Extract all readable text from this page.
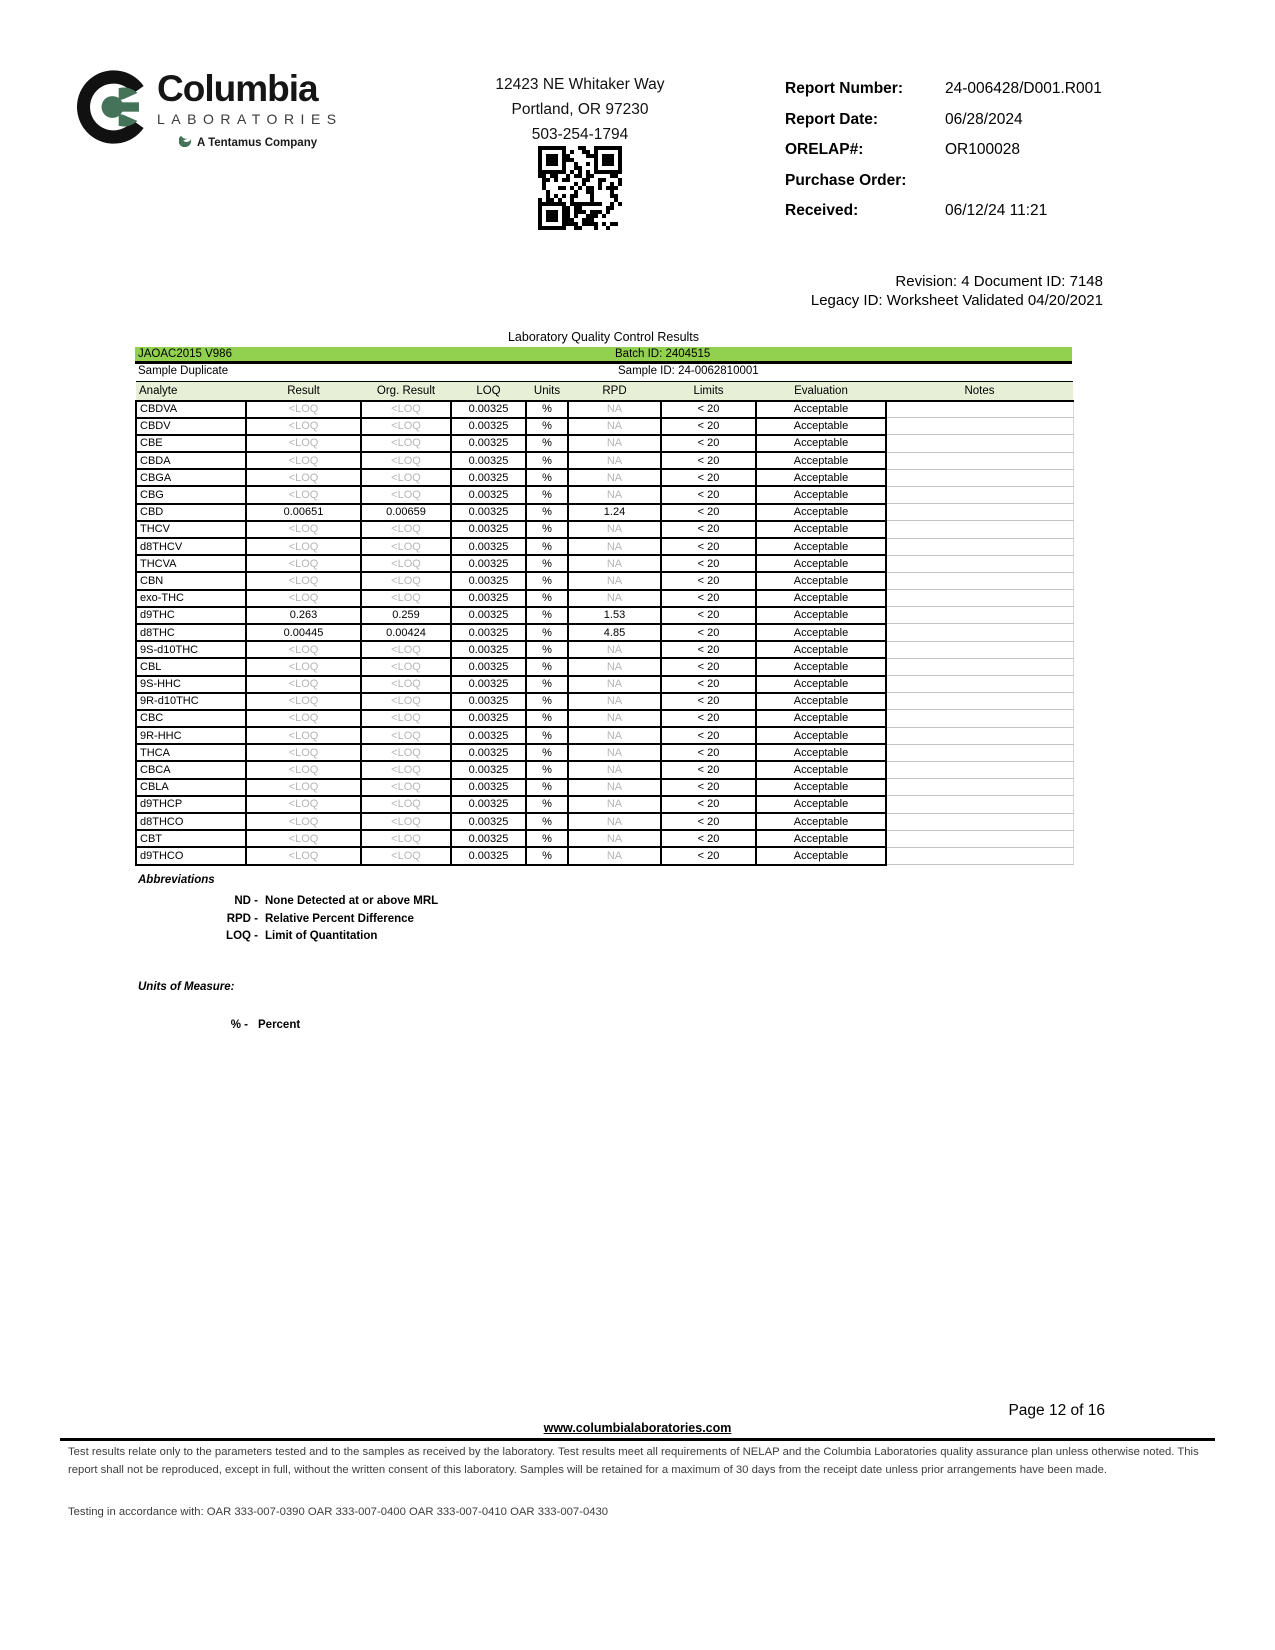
Columbia
LABORATORIES
A Tentamus Company
12423 NE Whitaker Way
Portland, OR 97230
503-254-1794
Report Number:	24-006428/D001.R001
Report Date:	06/28/2024
ORELAP#:	OR100028
Purchase Order:
Received:	06/12/24 11:21
Revision: 4 Document ID: 7148
Legacy ID: Worksheet Validated 04/20/2021
Laboratory Quality Control Results
JAOAC2015 V986	Batch ID: 2404515
Sample Duplicate	Sample ID: 24-0062810001
Analyte	Result	Org. Result	LOQ	Units	RPD	Limits	Evaluation	Notes
CBDVA	<LOQ	<LOQ	0.00325	%	NA	< 20	Acceptable	
CBDV	<LOQ	<LOQ	0.00325	%	NA	< 20	Acceptable	
CBE	<LOQ	<LOQ	0.00325	%	NA	< 20	Acceptable	
CBDA	<LOQ	<LOQ	0.00325	%	NA	< 20	Acceptable	
CBGA	<LOQ	<LOQ	0.00325	%	NA	< 20	Acceptable	
CBG	<LOQ	<LOQ	0.00325	%	NA	< 20	Acceptable	
CBD	0.00651	0.00659	0.00325	%	1.24	< 20	Acceptable	
THCV	<LOQ	<LOQ	0.00325	%	NA	< 20	Acceptable	
d8THCV	<LOQ	<LOQ	0.00325	%	NA	< 20	Acceptable	
THCVA	<LOQ	<LOQ	0.00325	%	NA	< 20	Acceptable	
CBN	<LOQ	<LOQ	0.00325	%	NA	< 20	Acceptable	
exo-THC	<LOQ	<LOQ	0.00325	%	NA	< 20	Acceptable	
d9THC	0.263	0.259	0.00325	%	1.53	< 20	Acceptable	
d8THC	0.00445	0.00424	0.00325	%	4.85	< 20	Acceptable	
9S-d10THC	<LOQ	<LOQ	0.00325	%	NA	< 20	Acceptable	
CBL	<LOQ	<LOQ	0.00325	%	NA	< 20	Acceptable	
9S-HHC	<LOQ	<LOQ	0.00325	%	NA	< 20	Acceptable	
9R-d10THC	<LOQ	<LOQ	0.00325	%	NA	< 20	Acceptable	
CBC	<LOQ	<LOQ	0.00325	%	NA	< 20	Acceptable	
9R-HHC	<LOQ	<LOQ	0.00325	%	NA	< 20	Acceptable	
THCA	<LOQ	<LOQ	0.00325	%	NA	< 20	Acceptable	
CBCA	<LOQ	<LOQ	0.00325	%	NA	< 20	Acceptable	
CBLA	<LOQ	<LOQ	0.00325	%	NA	< 20	Acceptable	
d9THCP	<LOQ	<LOQ	0.00325	%	NA	< 20	Acceptable	
d8THCO	<LOQ	<LOQ	0.00325	%	NA	< 20	Acceptable	
CBT	<LOQ	<LOQ	0.00325	%	NA	< 20	Acceptable	
d9THCO	<LOQ	<LOQ	0.00325	%	NA	< 20	Acceptable	
Abbreviations
ND - None Detected at or above MRL
RPD - Relative Percent Difference
LOQ - Limit of Quantitation
Units of Measure:
% - Percent
Page 12 of 16
www.columbialaboratories.com
Test results relate only to the parameters tested and to the samples as received by the laboratory. Test results meet all requirements of NELAP and the Columbia Laboratories quality assurance plan unless otherwise noted. This report shall not be reproduced, except in full, without the written consent of this laboratory. Samples will be retained for a maximum of 30 days from the receipt date unless prior arrangements have been made.
Testing in accordance with: OAR 333-007-0390 OAR 333-007-0400 OAR 333-007-0410 OAR 333-007-0430
